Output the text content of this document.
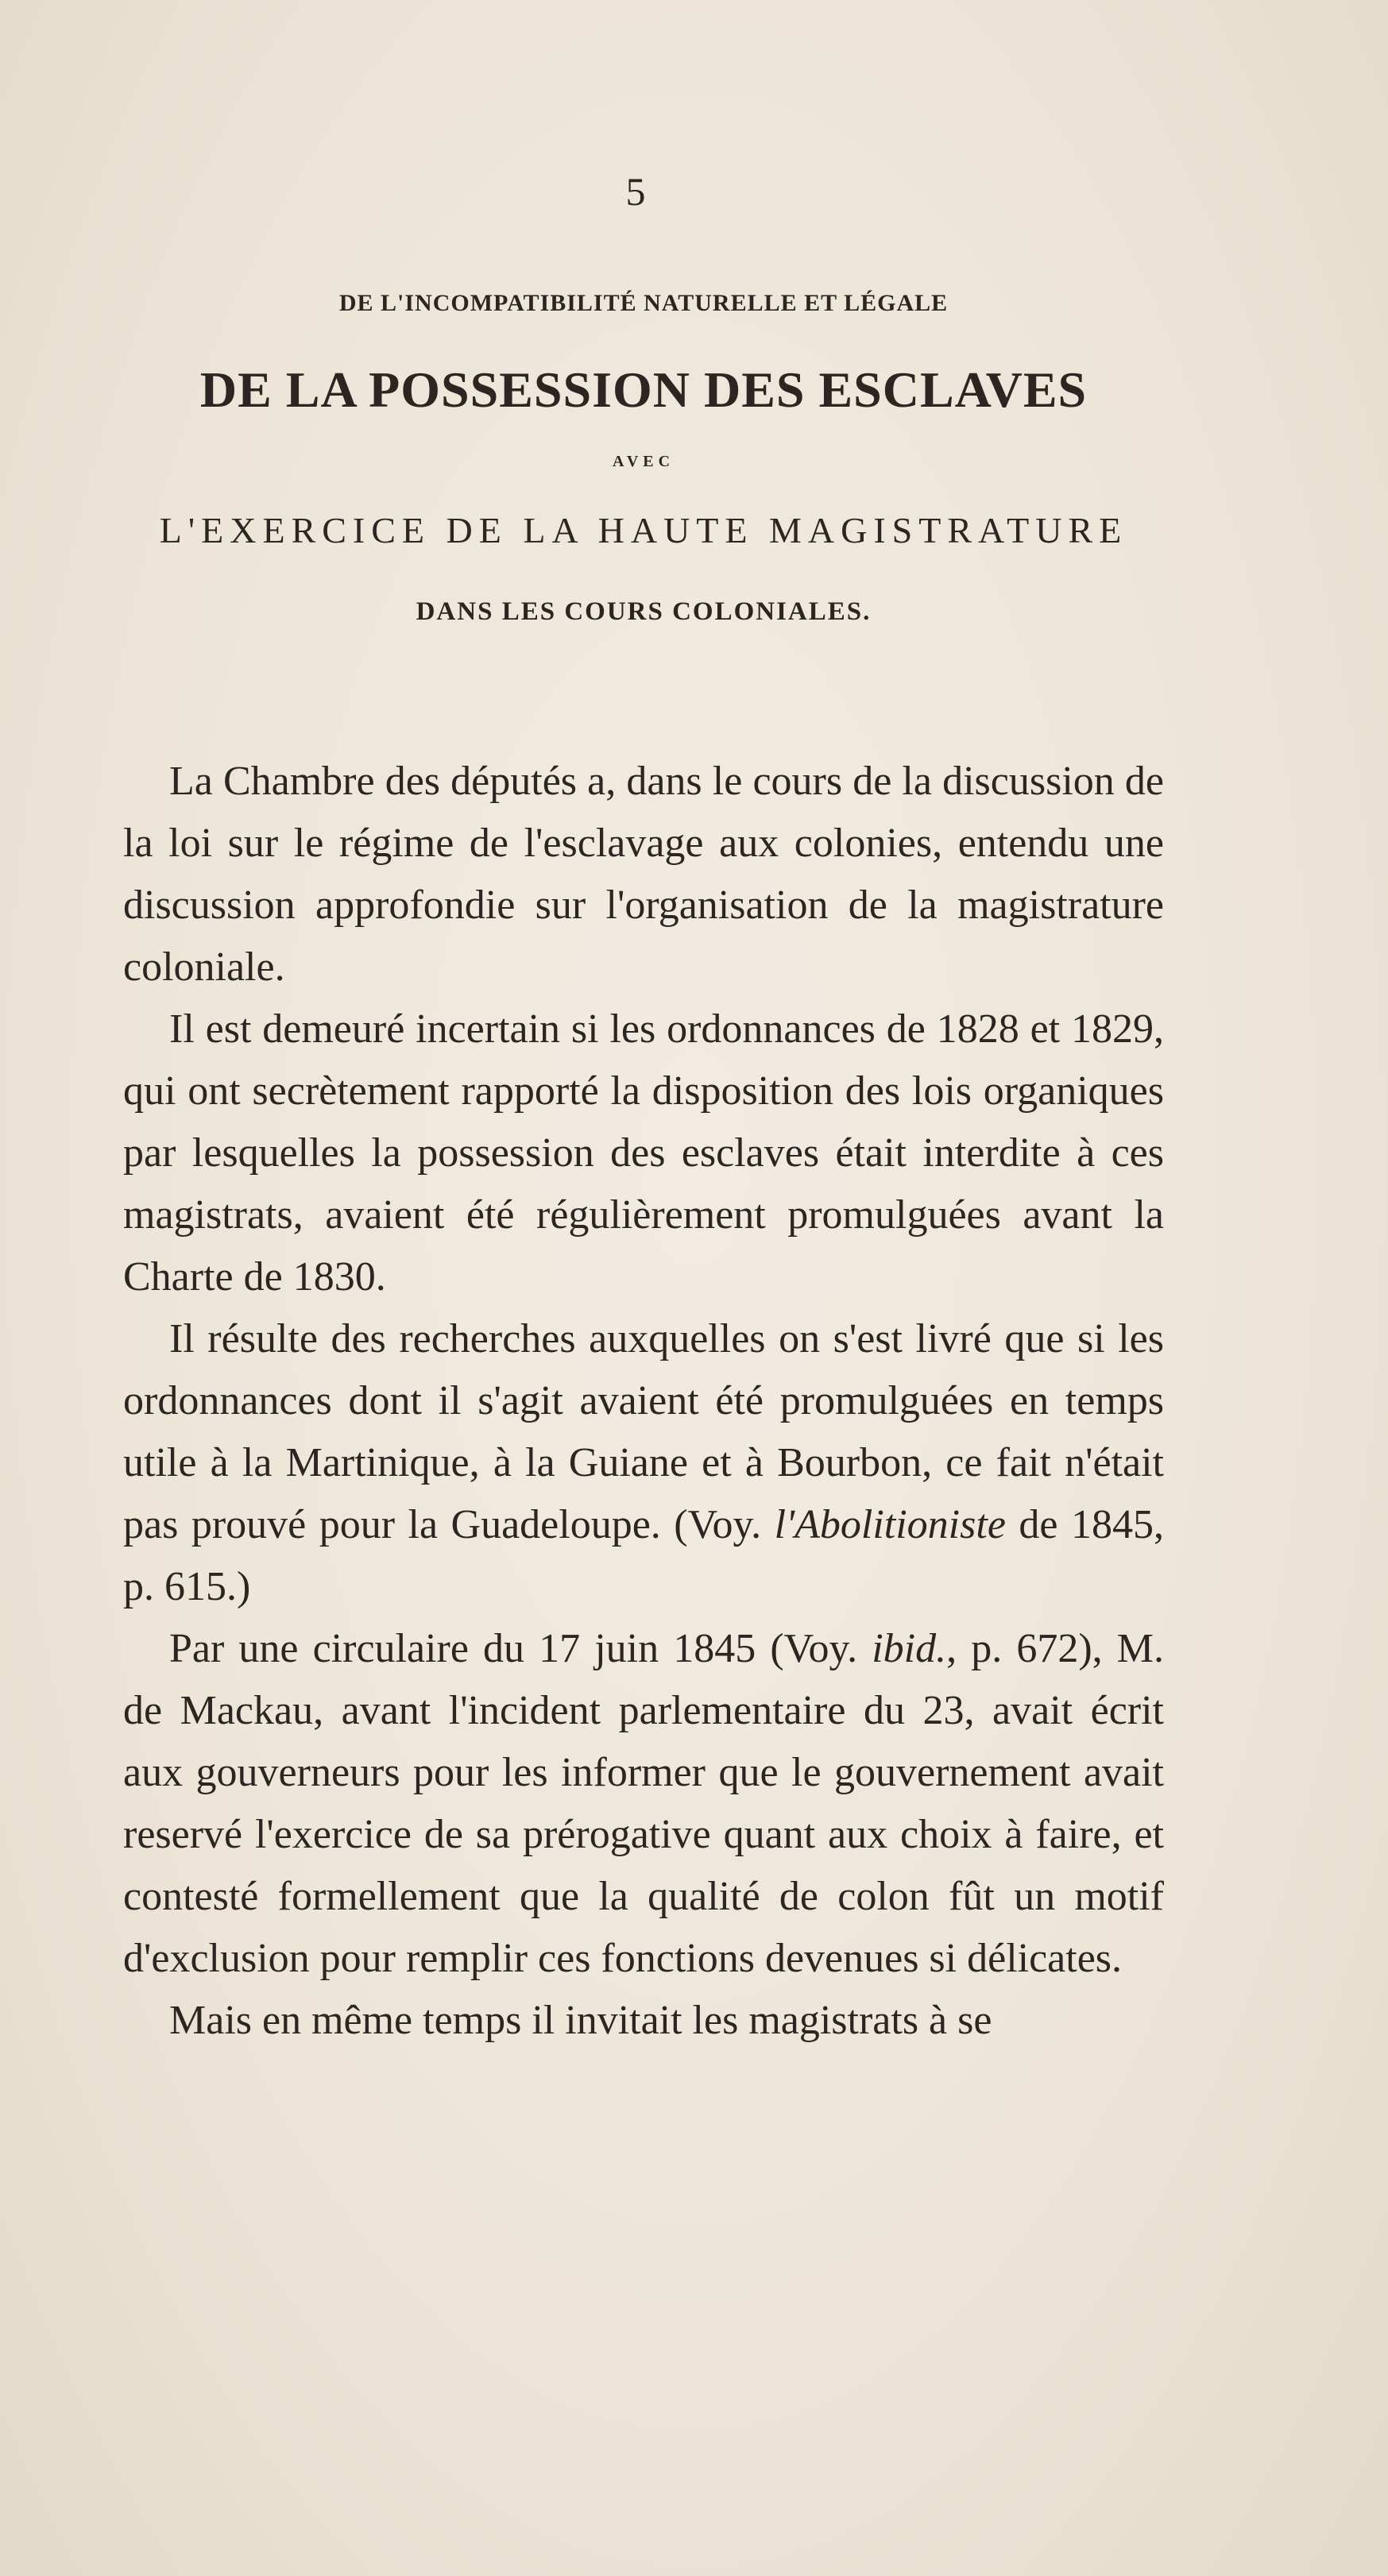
5
DE L'INCOMPATIBILITÉ NATURELLE ET LÉGALE
DE LA POSSESSION DES ESCLAVES
AVEC
L'EXERCICE DE LA HAUTE MAGISTRATURE
DANS LES COURS COLONIALES.

La Chambre des députés a, dans le cours de la discussion de la loi sur le régime de l'esclavage aux colonies, entendu une discussion approfondie sur l'organisation de la magistrature coloniale.

Il est demeuré incertain si les ordonnances de 1828 et 1829, qui ont secrètement rapporté la disposition des lois organiques par lesquelles la possession des esclaves était interdite à ces magistrats, avaient été régulièrement promulguées avant la Charte de 1830.

Il résulte des recherches auxquelles on s'est livré que si les ordonnances dont il s'agit avaient été promulguées en temps utile à la Martinique, à la Guiane et à Bourbon, ce fait n'était pas prouvé pour la Guadeloupe. (Voy. l'Abolitioniste de 1845, p. 615.)

Par une circulaire du 17 juin 1845 (Voy. ibid., p. 672), M. de Mackau, avant l'incident parlementaire du 23, avait écrit aux gouverneurs pour les informer que le gouvernement avait reservé l'exercice de sa prérogative quant aux choix à faire, et contesté formellement que la qualité de colon fût un motif d'exclusion pour remplir ces fonctions devenues si délicates.

Mais en même temps il invitait les magistrats à se
